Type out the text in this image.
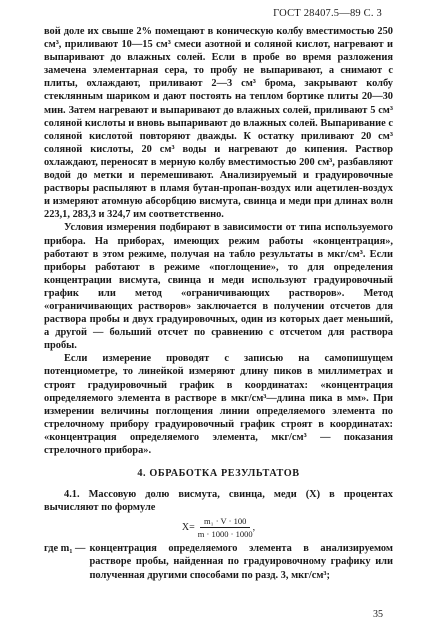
ГОСТ 28407.5—89 С. 3

вой доле их свыше 2% помещают в коническую колбу вместимостью 250 см³, приливают 10—15 см³ смеси азотной и соляной кислот, нагревают и выпаривают до влажных солей. Если в пробе во время разложения замечена элементарная сера, то пробу не выпаривают, а снимают с плиты, охлаждают, приливают 2—3 см³ брома, закрывают колбу стеклянным шариком и дают постоять на теплом бортике плиты 20—30 мин. Затем нагревают и выпаривают до влажных солей, приливают 5 см³ соляной кислоты и вновь выпаривают до влажных солей. Выпаривание с соляной кислотой повторяют дважды. К остатку приливают 20 см³ соляной кислоты, 20 см³ воды и нагревают до кипения. Раствор охлаждают, переносят в мерную колбу вместимостью 200 см³, разбавляют водой до метки и перемешивают. Анализируемый и градуировочные растворы распыляют в пламя бутан-пропан-воздух или ацетилен-воздух и измеряют атомную абсорбцию висмута, свинца и меди при длинах волн 223,1, 283,3 и 324,7 им соответственно.

Условия измерения подбирают в зависимости от типа используемого прибора. На приборах, имеющих режим работы «концентрация», работают в этом режиме, получая на табло результаты в мкг/см³. Если приборы работают в режиме «поглощение», то для определения концентрации висмута, свинца и меди используют градуировочный график или метод «ограничивающих растворов». Метод «ограничивающих растворов» заключается в получении отсчетов для раствора пробы и двух градуировочных, один из которых дает меньший, а другой — больший отсчет по сравнению с отсчетом для раствора пробы.

Если измерение проводят с записью на самопишущем потенциометре, то линейкой измеряют длину пиков в миллиметрах и строят градуировочный график в координатах: «концентрация определяемого элемента в растворе в мкг/см³—длина пика в мм». При измерении величины поглощения линии определяемого элемента по стрелочному прибору градуировочный график строят в координатах: «концентрация определяемого элемента, мкг/см³ — показания стрелочного прибора».

4. ОБРАБОТКА РЕЗУЛЬТАТОВ

4.1. Массовую долю висмута, свинца, меди (X) в процентах вычисляют по формуле

$X= \frac{\text{m₁ · V · 100}}{m \cdot 1000 \cdot 1000}$ ,
где m₁ — концентрация определяемого элемента в анализируемом растворе пробы, найденная по градуировочному графику или полученная другими способами по разд. 3, мкг/см³;
35
